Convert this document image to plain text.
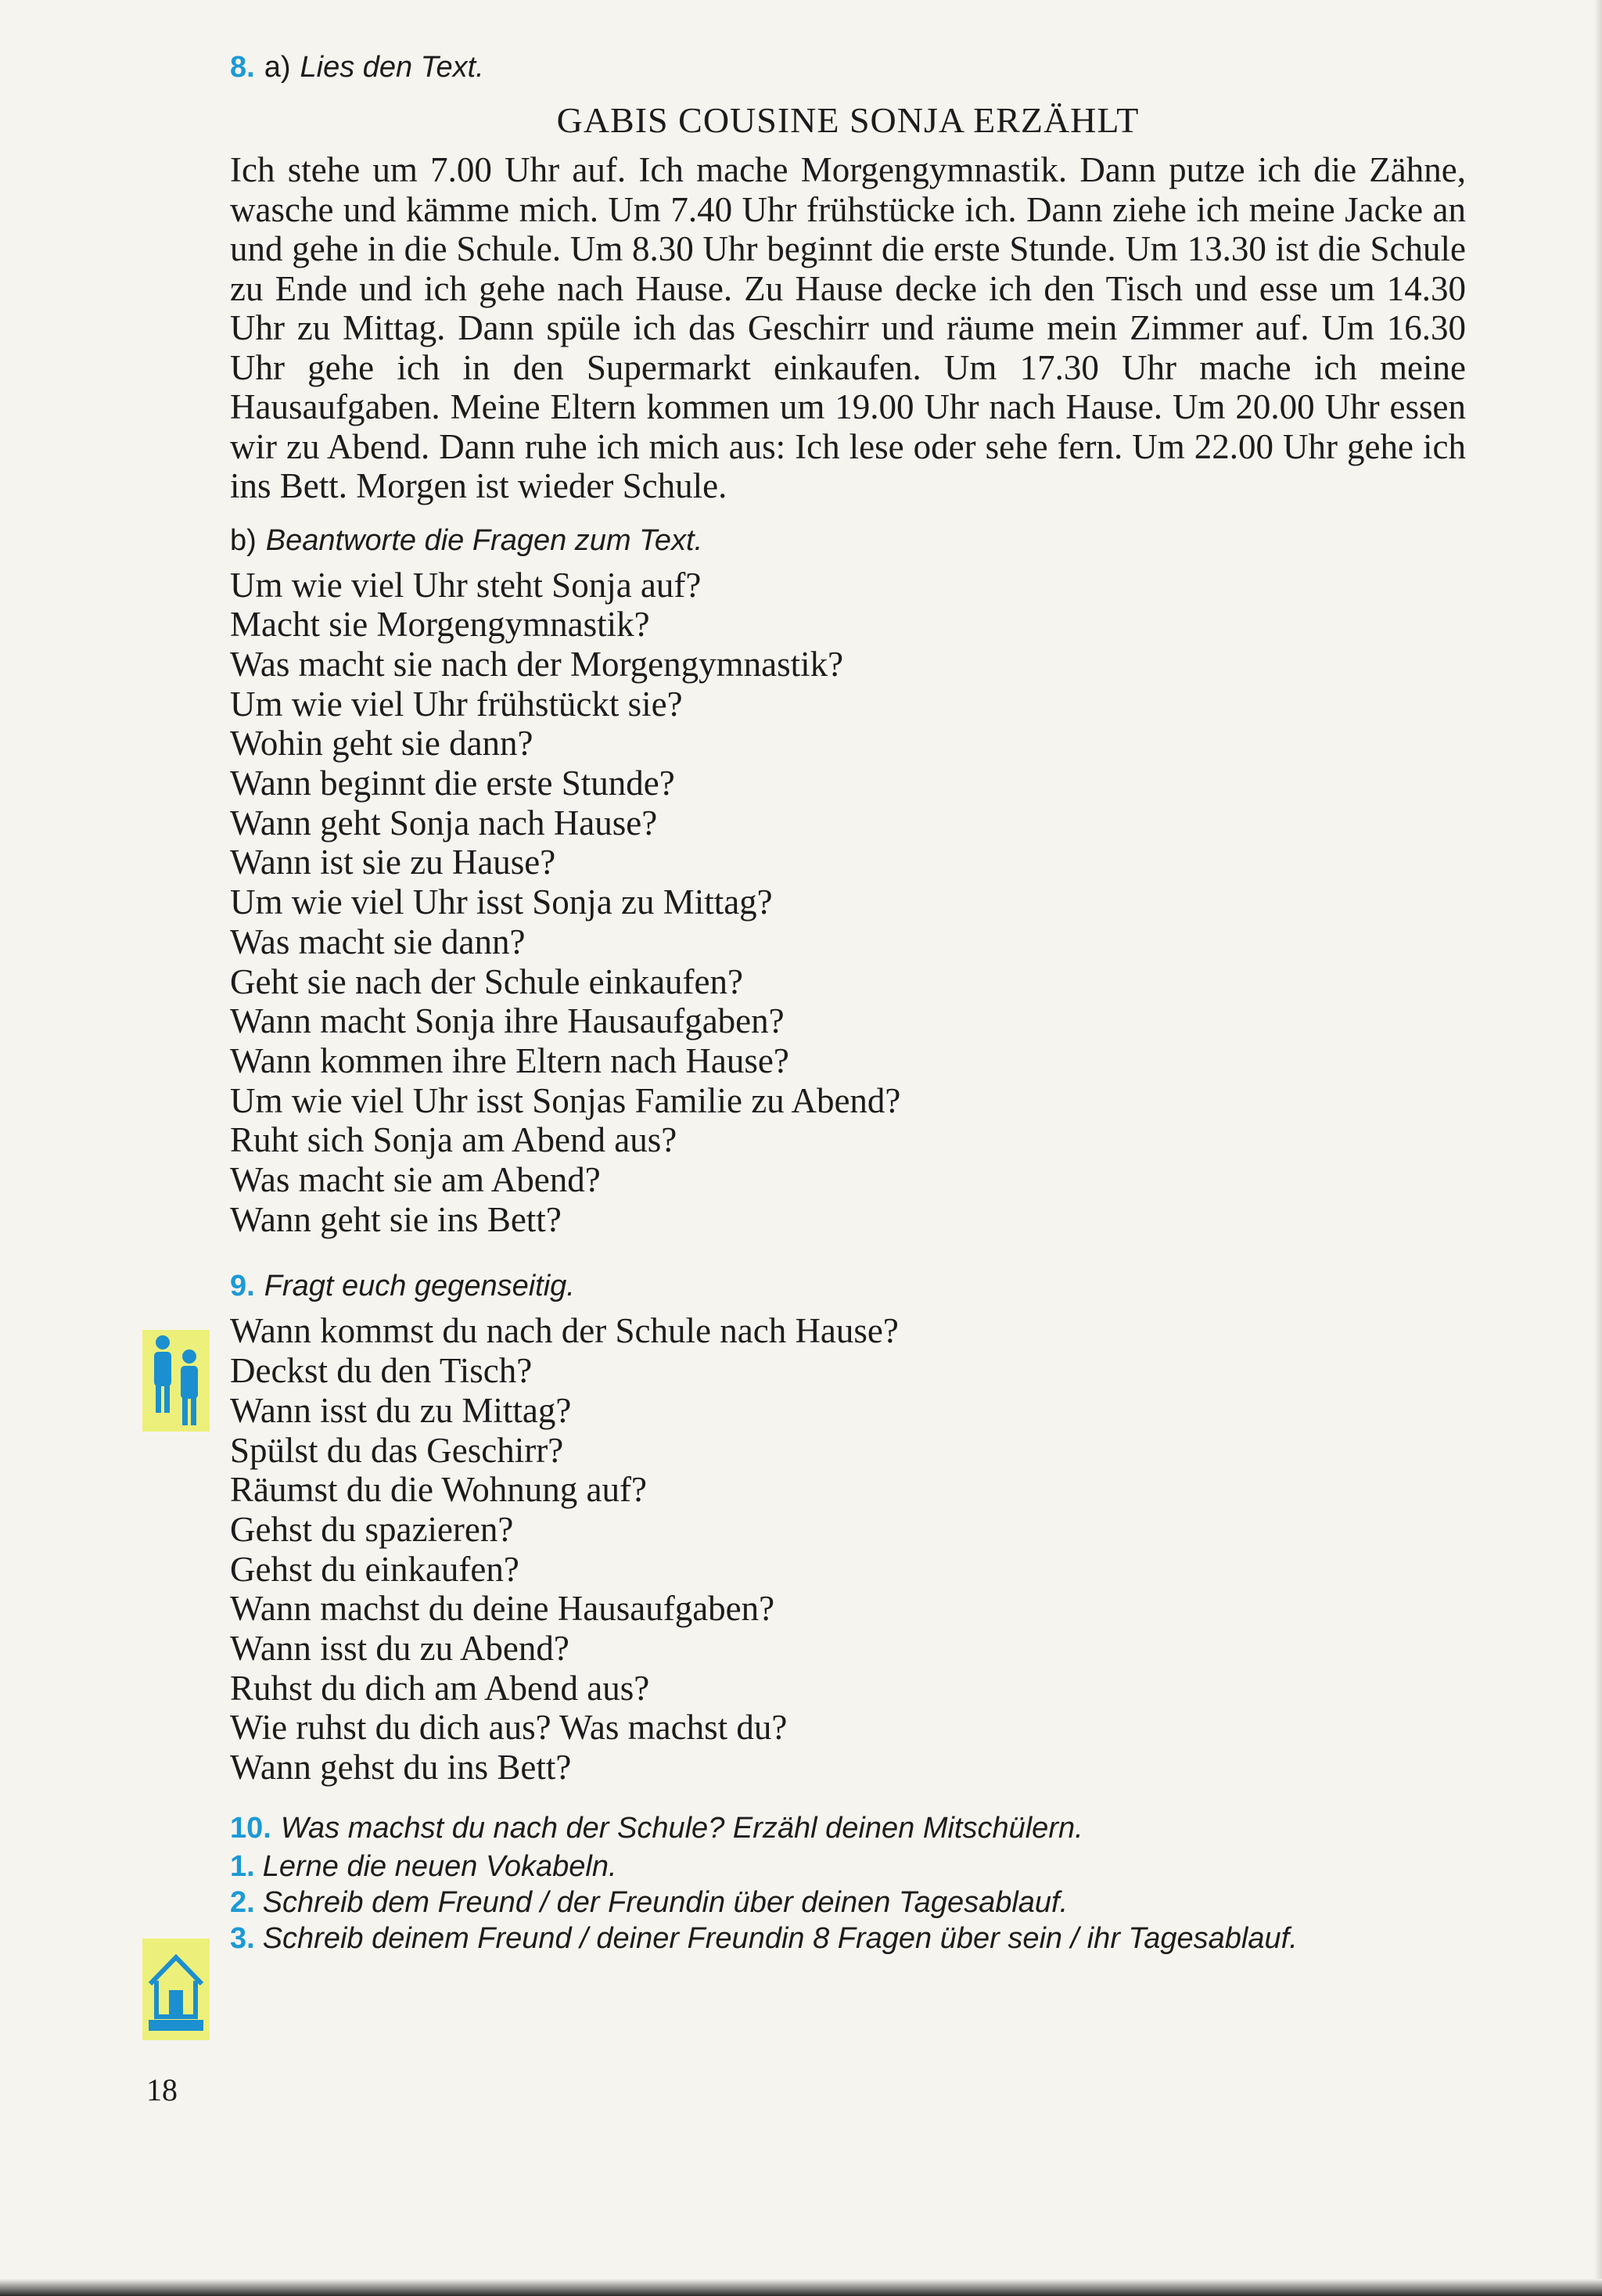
8. a) Lies den Text.
GABIS COUSINE SONJA ERZÄHLT

Ich stehe um 7.00 Uhr auf. Ich mache Morgengymnastik. Dann putze ich die Zähne, wasche und kämme mich. Um 7.40 Uhr frühstücke ich. Dann ziehe ich meine Jacke an und gehe in die Schule. Um 8.30 Uhr beginnt die erste Stunde. Um 13.30 ist die Schule zu Ende und ich gehe nach Hause. Zu Hause decke ich den Tisch und esse um 14.30 Uhr zu Mittag. Dann spüle ich das Geschirr und räume mein Zimmer auf. Um 16.30 Uhr gehe ich in den Supermarkt einkaufen. Um 17.30 Uhr mache ich meine Hausaufgaben. Meine Eltern kommen um 19.00 Uhr nach Hause. Um 20.00 Uhr essen wir zu Abend. Dann ruhe ich mich aus: Ich lese oder sehe fern. Um 22.00 Uhr gehe ich ins Bett. Morgen ist wieder Schule.

b) Beantworte die Fragen zum Text.
Um wie viel Uhr steht Sonja auf?
Macht sie Morgengymnastik?
Was macht sie nach der Morgengymnastik?
Um wie viel Uhr frühstückt sie?
Wohin geht sie dann?
Wann beginnt die erste Stunde?
Wann geht Sonja nach Hause?
Wann ist sie zu Hause?
Um wie viel Uhr isst Sonja zu Mittag?
Was macht sie dann?
Geht sie nach der Schule einkaufen?
Wann macht Sonja ihre Hausaufgaben?
Wann kommen ihre Eltern nach Hause?
Um wie viel Uhr isst Sonjas Familie zu Abend?
Ruht sich Sonja am Abend aus?
Was macht sie am Abend?
Wann geht sie ins Bett?
9. Fragt euch gegenseitig.
Wann kommst du nach der Schule nach Hause?
Deckst du den Tisch?
Wann isst du zu Mittag?
Spülst du das Geschirr?
Räumst du die Wohnung auf?
Gehst du spazieren?
Gehst du einkaufen?
Wann machst du deine Hausaufgaben?
Wann isst du zu Abend?
Ruhst du dich am Abend aus?
Wie ruhst du dich aus? Was machst du?
Wann gehst du ins Bett?
10. Was machst du nach der Schule? Erzähl deinen Mitschülern.
1. Lerne die neuen Vokabeln.
2. Schreib dem Freund / der Freundin über deinen Tagesablauf.
3. Schreib deinem Freund / deiner Freundin 8 Fragen über sein / ihr Tagesablauf.
18
